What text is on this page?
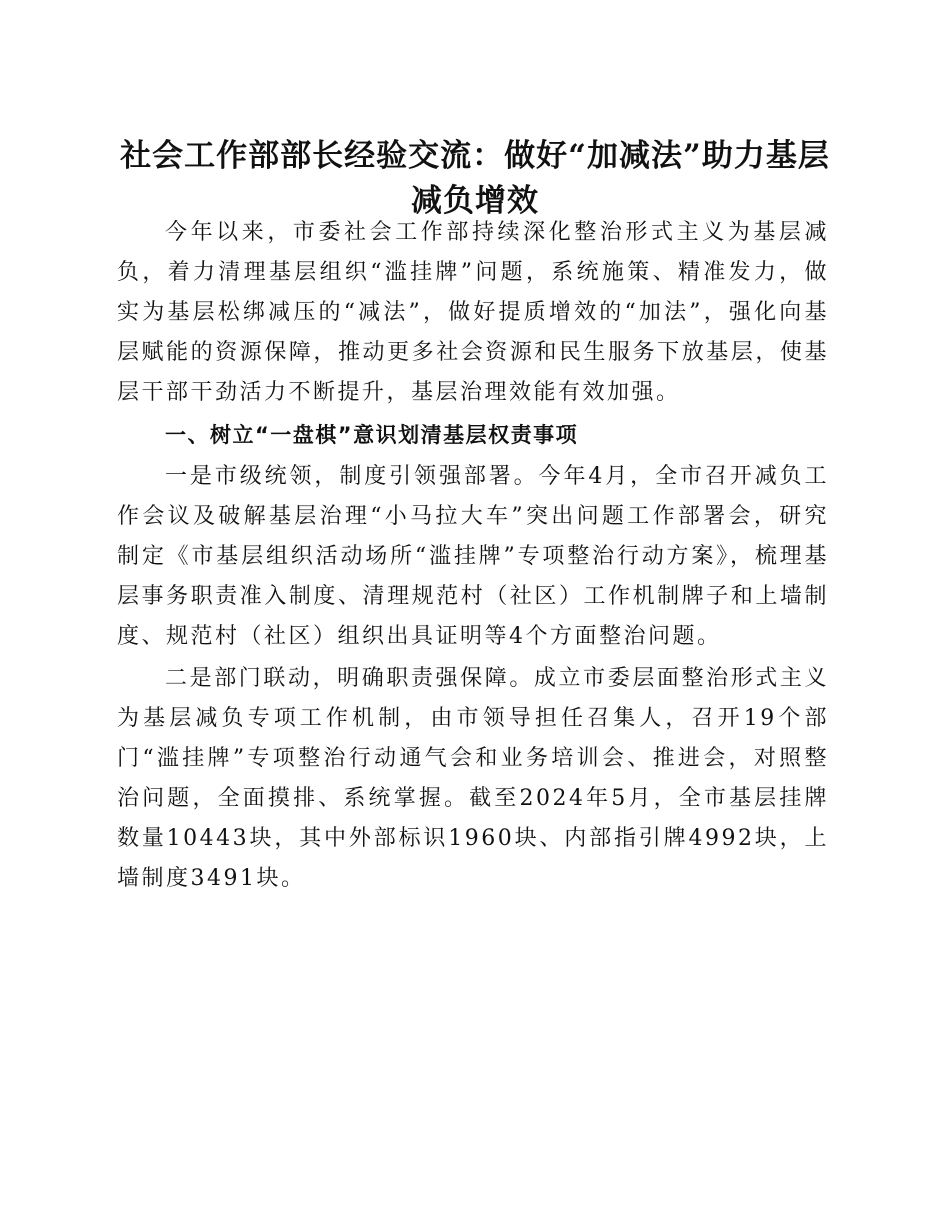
社会工作部部长经验交流：做好“加减法”助力基层减负增效

今年以来，市委社会工作部持续深化整治形式主义为基层减负，着力清理基层组织“滥挂牌”问题，系统施策、精准发力，做实为基层松绑减压的“减法”，做好提质增效的“加法”，强化向基层赋能的资源保障，推动更多社会资源和民生服务下放基层，使基层干部干劲活力不断提升，基层治理效能有效加强。

一、树立“一盘棋”意识划清基层权责事项

一是市级统领，制度引领强部署。今年4月，全市召开减负工作会议及破解基层治理“小马拉大车”突出问题工作部署会，研究制定《市基层组织活动场所“滥挂牌”专项整治行动方案》，梳理基层事务职责准入制度、清理规范村（社区）工作机制牌子和上墙制度、规范村（社区）组织出具证明等4个方面整治问题。

二是部门联动，明确职责强保障。成立市委层面整治形式主义为基层减负专项工作机制，由市领导担任召集人，召开19个部门“滥挂牌”专项整治行动通气会和业务培训会、推进会，对照整治问题，全面摸排、系统掌握。截至2024年5月，全市基层挂牌数量10443块，其中外部标识1960块、内部指引牌4992块，上墙制度3491块。
